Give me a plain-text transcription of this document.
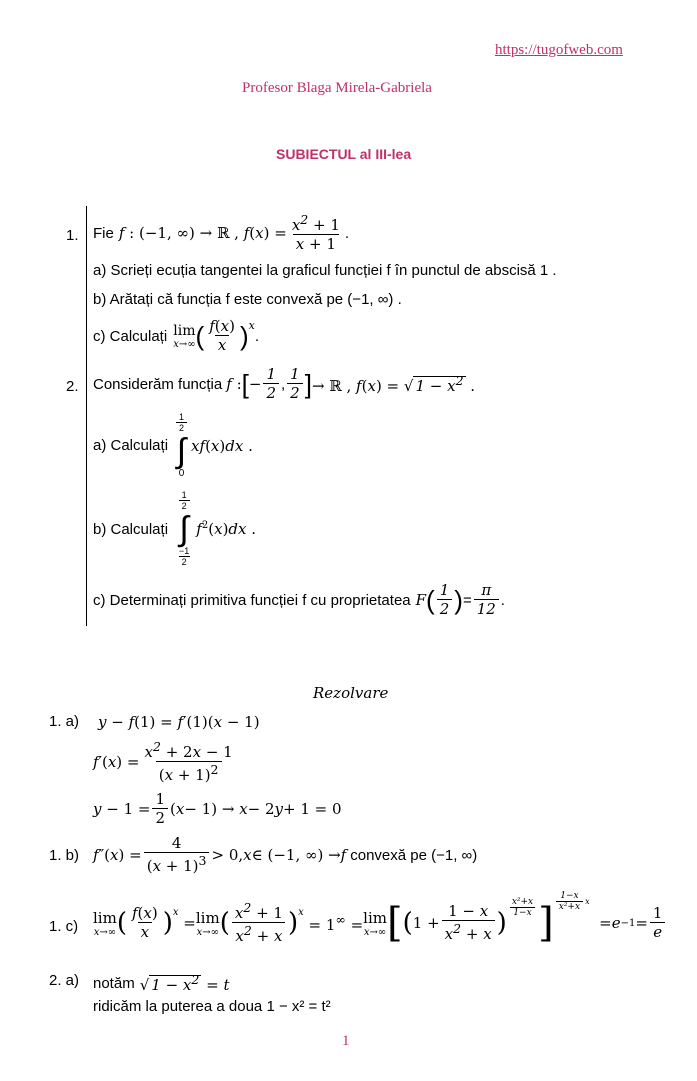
https://tugofweb.com
Profesor Blaga Mirela-Gabriela
SUBIECTUL al III-lea
1. Fie f : (−1, ∞) → ℝ , $f(x) = \frac{x^2 + 1}{x + 1}$ .
a) Scrieți ecuția tangentei la graficul funcției f în punctul de abscisă 1 .
b) Arătați că funcția f este convexă pe (−1, ∞) .
c) Calculați lim
x→∞ ( $\frac{f(x)}{x} )^x$
.
2. Considerăm funcția f : [ − $\frac{1}{2}$ , $\frac{1}{2}$ ] → ℝ , f(x) = √ $1 - x^2$ .
a) Calculați
$\frac{1}{2}$
∫
0
xf(x)dx .
b) Calculați
$\frac{1}{2}$
∫
$\frac{-1}{2}$
$f^2(x)dx$ .
c) Determinați primitiva funcției f cu proprietatea F ( $\frac{1}{2}$ ) = $\frac{\pi}{12}$ .
Rezolvare
1. a) y − f(1) = f′(1)(x − 1)
f ′( x ) = $\frac{x^2 + 2x - 1}{(x + 1)^2}$
$y - 1 = \frac{1}{2}$ ( x − 1) → x − 2 y + 1 = 0
1. b) f ″( x ) = $\frac{4}{(x + 1)^3} > 0$, x ∈ (−1, ∞) → f convexă pe (−1, ∞)
1. c) lim
x→∞ ( $\frac{f(x)}{x} )^x$
= lim
x→∞ ( $\frac{x^2 + 1}{x^2 + x} )^x$
= 1∞ = lim
x→∞ [ ( $1 + \frac{1 - x}{x^2 + x}$ )
$^{\frac{\text{x²+x}}{1-x}}$ ] $^{\frac{1-x}{\text{x²+x}} x}$
= $e -1 = \frac{1}{e}$
2. a) notăm √ $1 - x^2 = t$
ridicăm la puterea a doua 1 − x² = t²
1
